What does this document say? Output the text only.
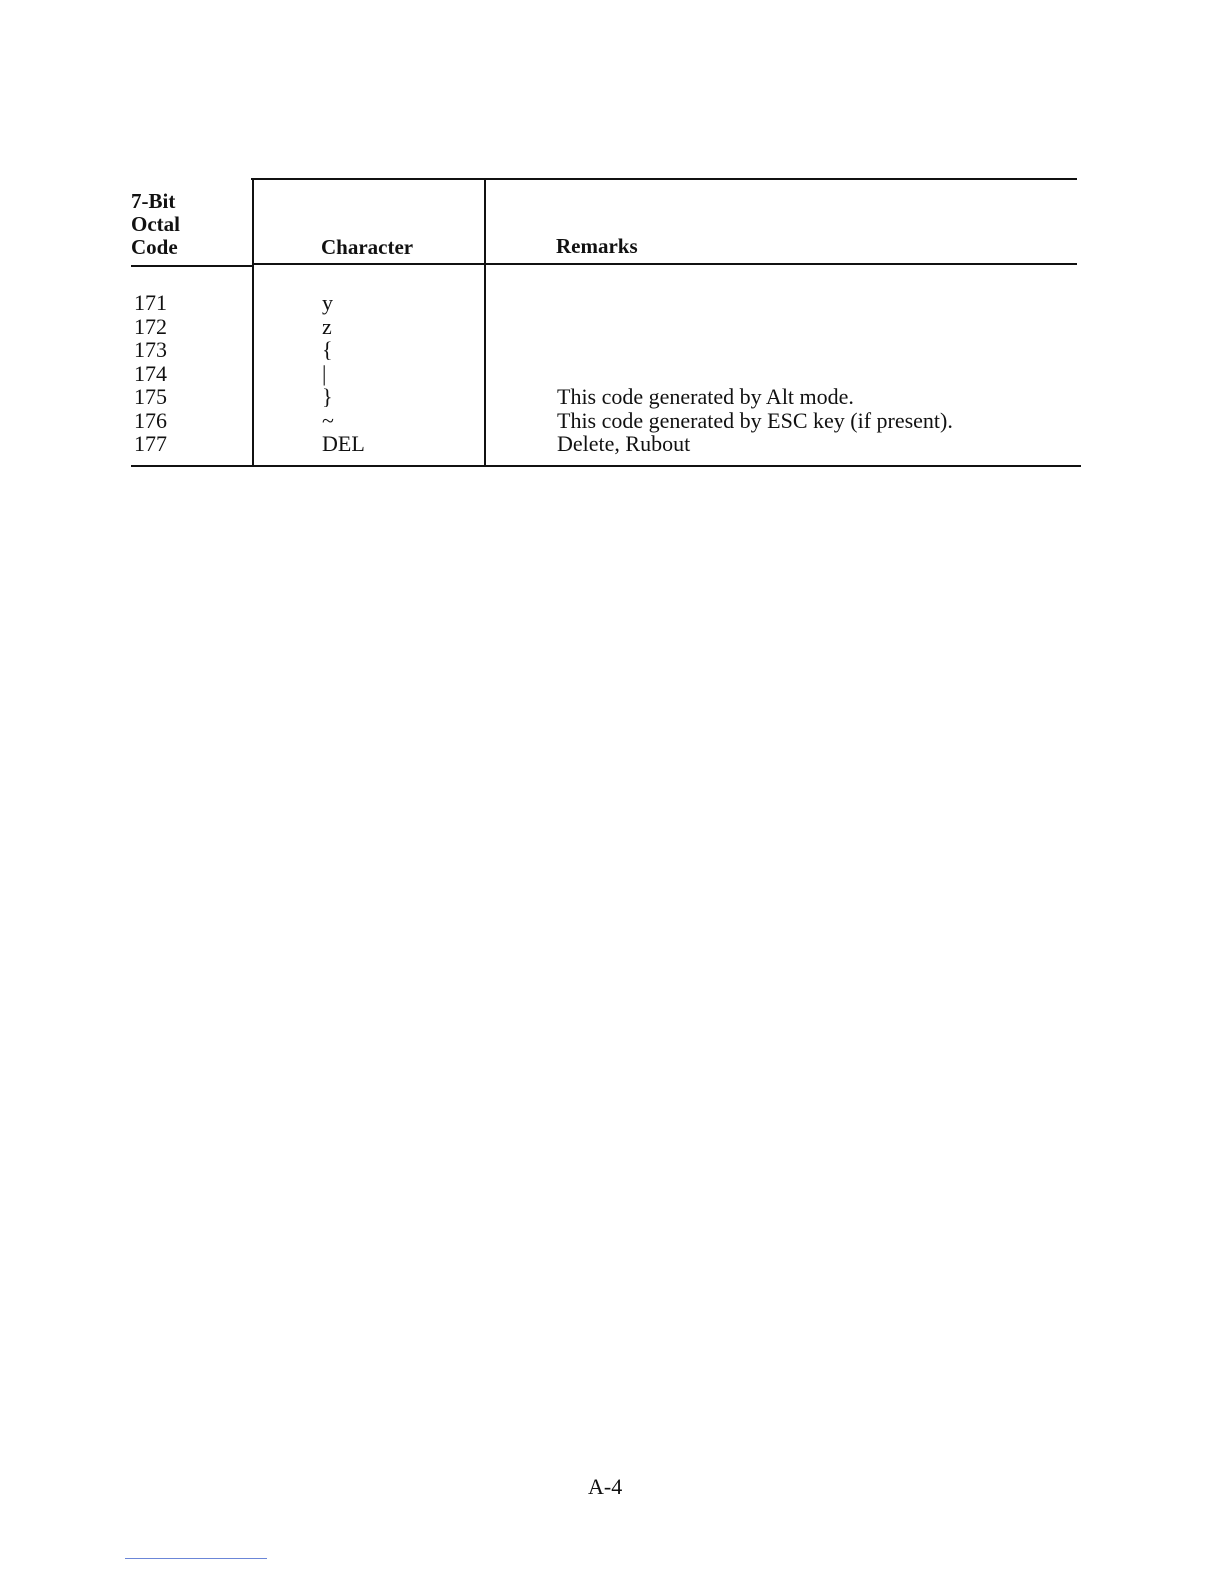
7-Bit
Octal
Code	Character	Remarks
171
172
173
174
175
176
177
y
z
{
|
}
~
DEL
This code generated by Alt mode.
This code generated by ESC key (if present).
Delete, Rubout
A-4
